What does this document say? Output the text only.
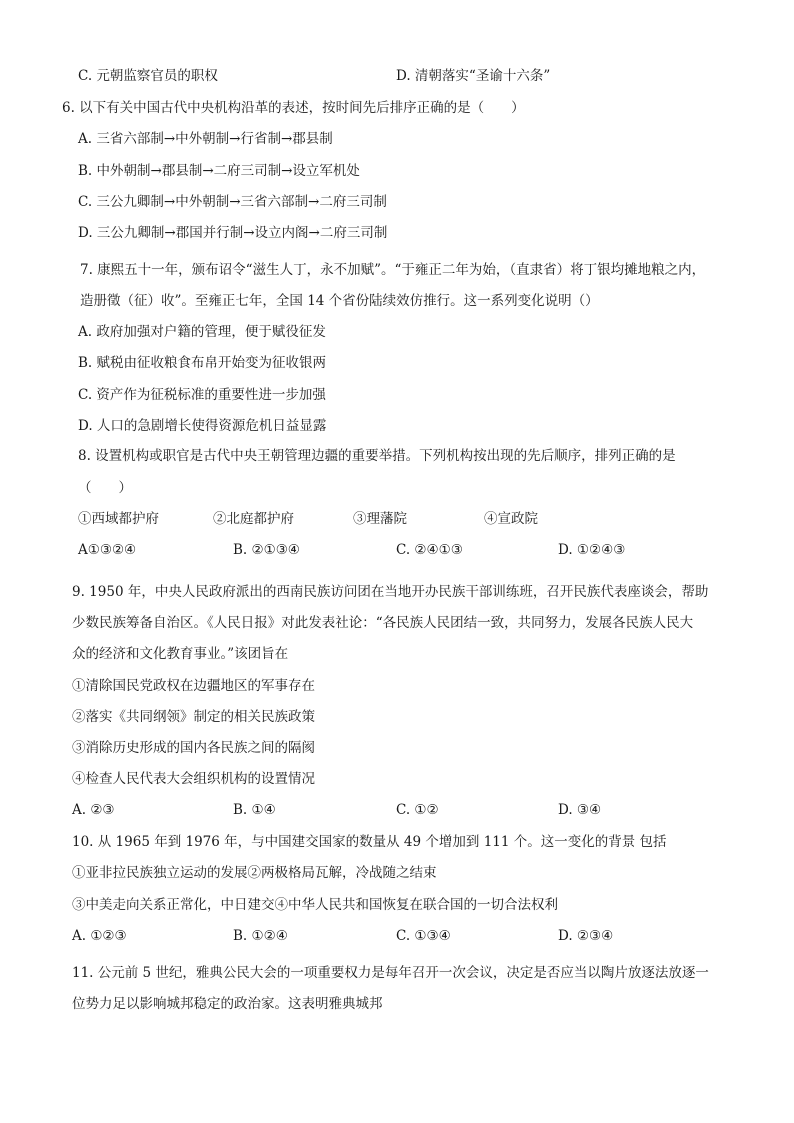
C. 元朝监察官员的职权	D. 清朝落实“圣谕十六条”
6. 以下有关中国古代中央机构沿革的表述，按时间先后排序正确的是（　　）
A. 三省六部制→中外朝制→行省制→郡县制
B. 中外朝制→郡县制→二府三司制→设立军机处
C. 三公九卿制→中外朝制→三省六部制→二府三司制
D. 三公九卿制→郡国并行制→设立内阁→二府三司制
7. 康熙五十一年，颁布诏令“滋生人丁，永不加赋”。“于雍正二年为始，（直隶省）将丁银均摊地粮之内，
造册徵（征）收”。至雍正七年，全国 14 个省份陆续效仿推行。这一系列变化说明（）
A. 政府加强对户籍的管理，便于赋役征发
B. 赋税由征收粮食布帛开始变为征收银两
C. 资产作为征税标准的重要性进一步加强
D. 人口的急剧增长使得资源危机日益显露
8. 设置机构或职官是古代中央王朝管理边疆的重要举措。下列机构按出现的先后顺序，排列正确的是
（　　）
①西域都护府	②北庭都护府	③理藩院	④宣政院
A①③②④	B. ②①③④	C. ②④①③	D. ①②④③
9. 1950 年，中央人民政府派出的西南民族访问团在当地开办民族干部训练班，召开民族代表座谈会，帮助
少数民族筹备自治区。《人民日报》对此发表社论：“各民族人民团结一致，共同努力，发展各民族人民大
众的经济和文化教育事业。”该团旨在
①清除国民党政权在边疆地区的军事存在
②落实《共同纲领》制定的相关民族政策
③消除历史形成的国内各民族之间的隔阂
④检查人民代表大会组织机构的设置情况
A. ②③	B. ①④	C. ①②	D. ③④
10. 从 1965 年到 1976 年，与中国建交国家的数量从 49 个增加到 111 个。这一变化的背景 包括
①亚非拉民族独立运动的发展②两极格局瓦解，冷战随之结束
③中美走向关系正常化，中日建交④中华人民共和国恢复在联合国的一切合法权利
A. ①②③	B. ①②④	C. ①③④	D. ②③④
11. 公元前 5 世纪，雅典公民大会的一项重要权力是每年召开一次会议，决定是否应当以陶片放逐法放逐一
位势力足以影响城邦稳定的政治家。这表明雅典城邦
